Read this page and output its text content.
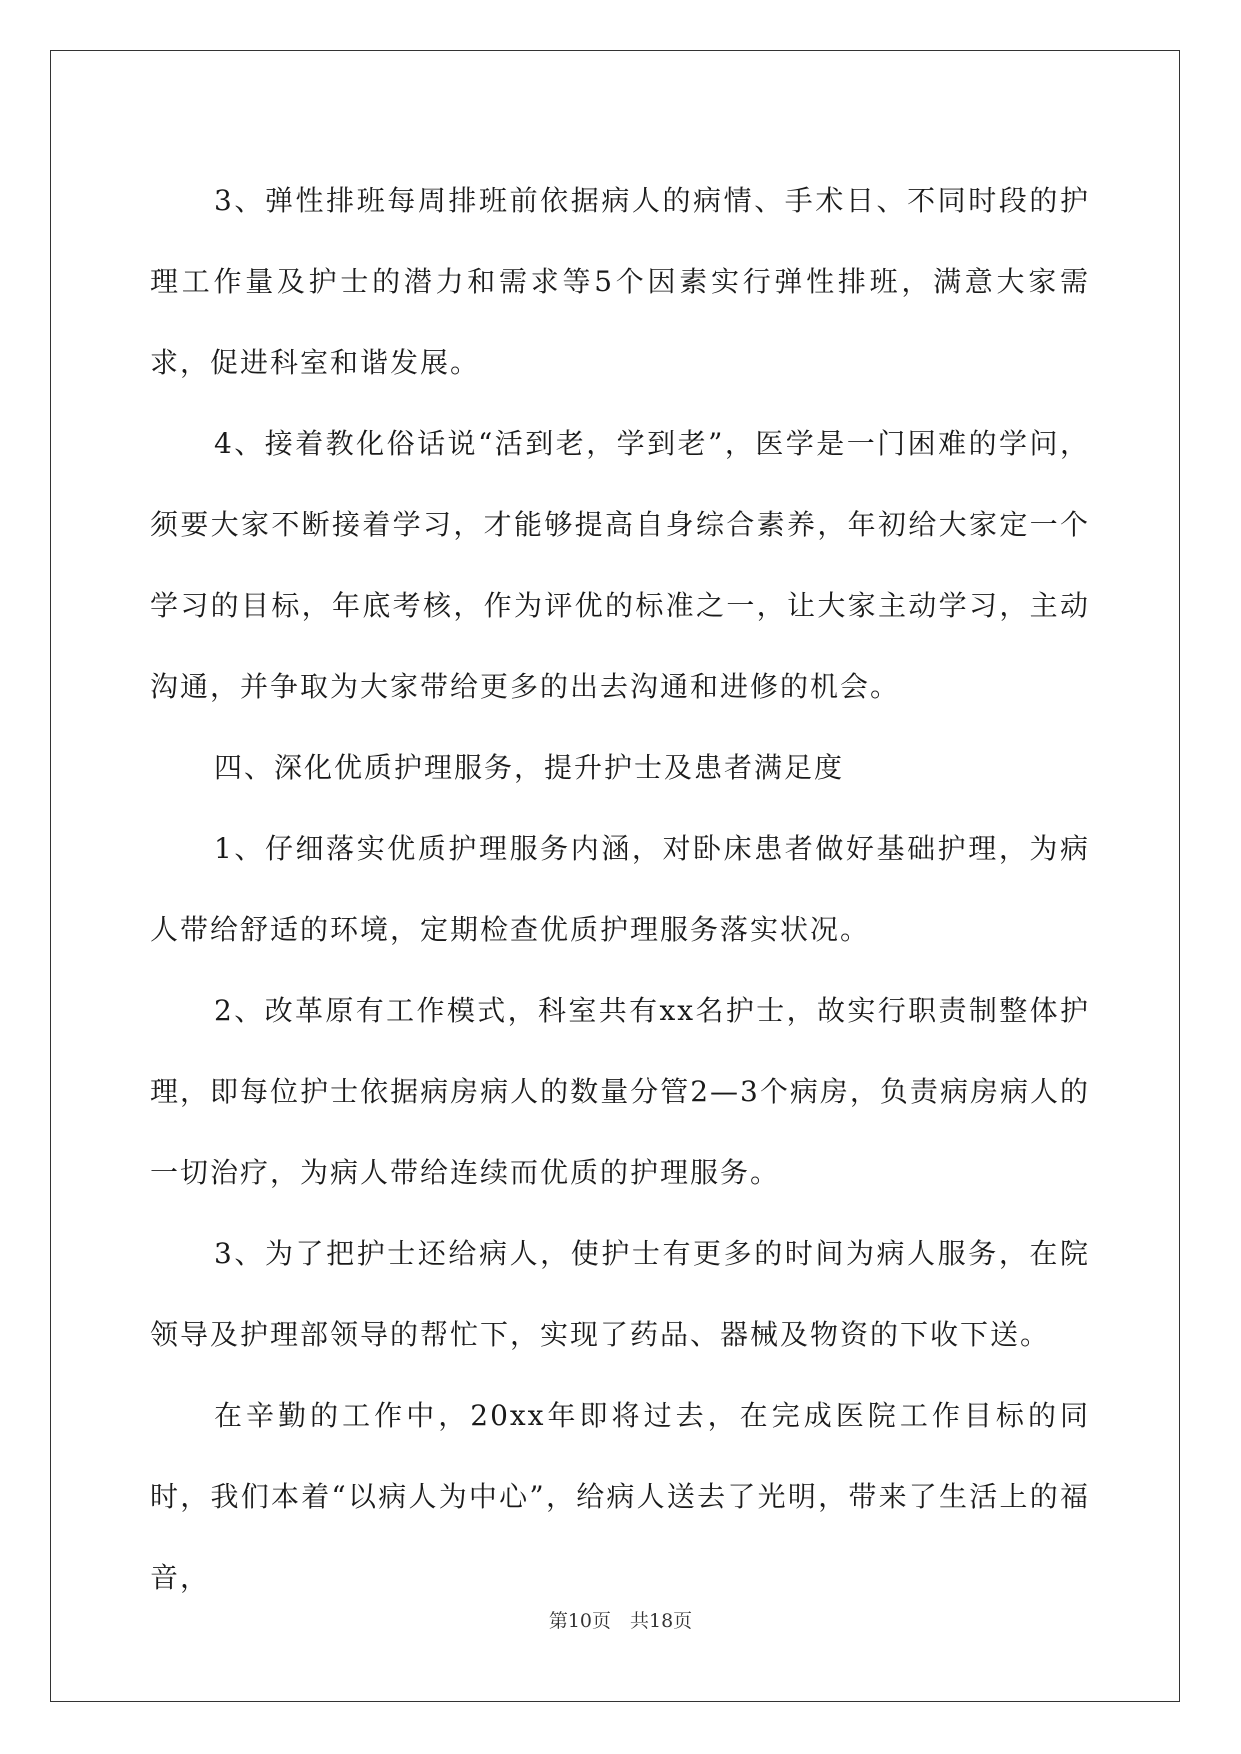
3、弹性排班每周排班前依据病人的病情、手术日、不同时段的护理工作量及护士的潜力和需求等5个因素实行弹性排班，满意大家需求，促进科室和谐发展。

4、接着教化俗话说“活到老，学到老”，医学是一门困难的学问，须要大家不断接着学习，才能够提高自身综合素养，年初给大家定一个学习的目标，年底考核，作为评优的标准之一，让大家主动学习，主动沟通，并争取为大家带给更多的出去沟通和进修的机会。

四、深化优质护理服务，提升护士及患者满足度

1、仔细落实优质护理服务内涵，对卧床患者做好基础护理，为病人带给舒适的环境，定期检查优质护理服务落实状况。

2、改革原有工作模式，科室共有xx名护士，故实行职责制整体护理，即每位护士依据病房病人的数量分管2—3个病房，负责病房病人的一切治疗，为病人带给连续而优质的护理服务。

3、为了把护士还给病人，使护士有更多的时间为病人服务，在院领导及护理部领导的帮忙下，实现了药品、器械及物资的下收下送。

在辛勤的工作中，20xx年即将过去，在完成医院工作目标的同时，我们本着“以病人为中心”，给病人送去了光明，带来了生活上的福音，

第10页　共18页
